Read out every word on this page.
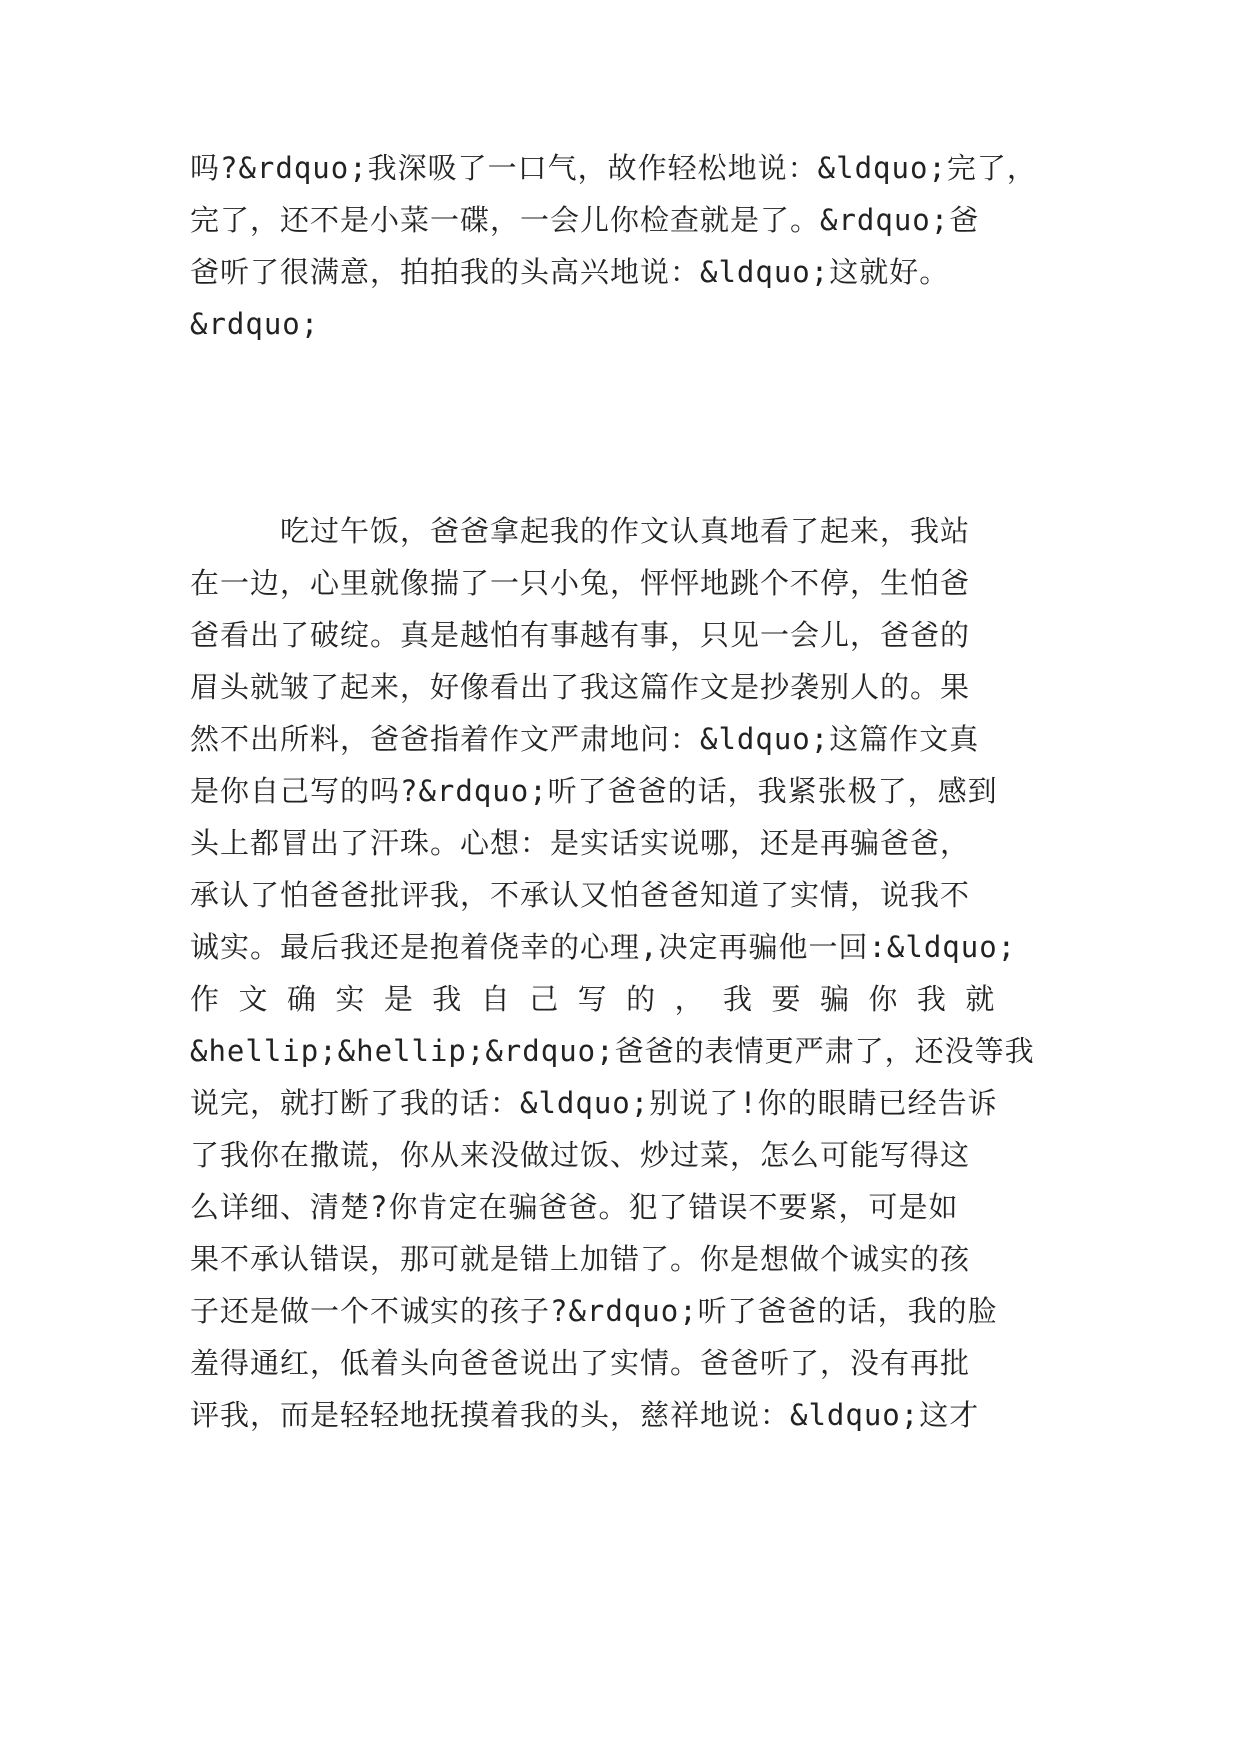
吗?&rdquo;我深吸了一口气，故作轻松地说：&ldquo;完了，
完了，还不是小菜一碟，一会儿你检查就是了。&rdquo;爸
爸听了很满意，拍拍我的头高兴地说：&ldquo;这就好。
&rdquo;
　　　吃过午饭，爸爸拿起我的作文认真地看了起来，我站
在一边，心里就像揣了一只小兔，怦怦地跳个不停，生怕爸
爸看出了破绽。真是越怕有事越有事，只见一会儿，爸爸的
眉头就皱了起来，好像看出了我这篇作文是抄袭别人的。果
然不出所料，爸爸指着作文严肃地问：&ldquo;这篇作文真
是你自己写的吗?&rdquo;听了爸爸的话，我紧张极了，感到
头上都冒出了汗珠。心想：是实话实说哪，还是再骗爸爸，
承认了怕爸爸批评我，不承认又怕爸爸知道了实情，说我不
诚实。最后我还是抱着侥幸的心理,决定再骗他一回:&ldquo;
作 文 确 实 是 我 自 己 写 的 ， 我 要 骗 你 我 就
&hellip;&hellip;&rdquo;爸爸的表情更严肃了，还没等我
说完，就打断了我的话：&ldquo;别说了!你的眼睛已经告诉
了我你在撒谎，你从来没做过饭、炒过菜，怎么可能写得这
么详细、清楚?你肯定在骗爸爸。犯了错误不要紧，可是如
果不承认错误，那可就是错上加错了。你是想做个诚实的孩
子还是做一个不诚实的孩子?&rdquo;听了爸爸的话，我的脸
羞得通红，低着头向爸爸说出了实情。爸爸听了，没有再批
评我，而是轻轻地抚摸着我的头，慈祥地说：&ldquo;这才
